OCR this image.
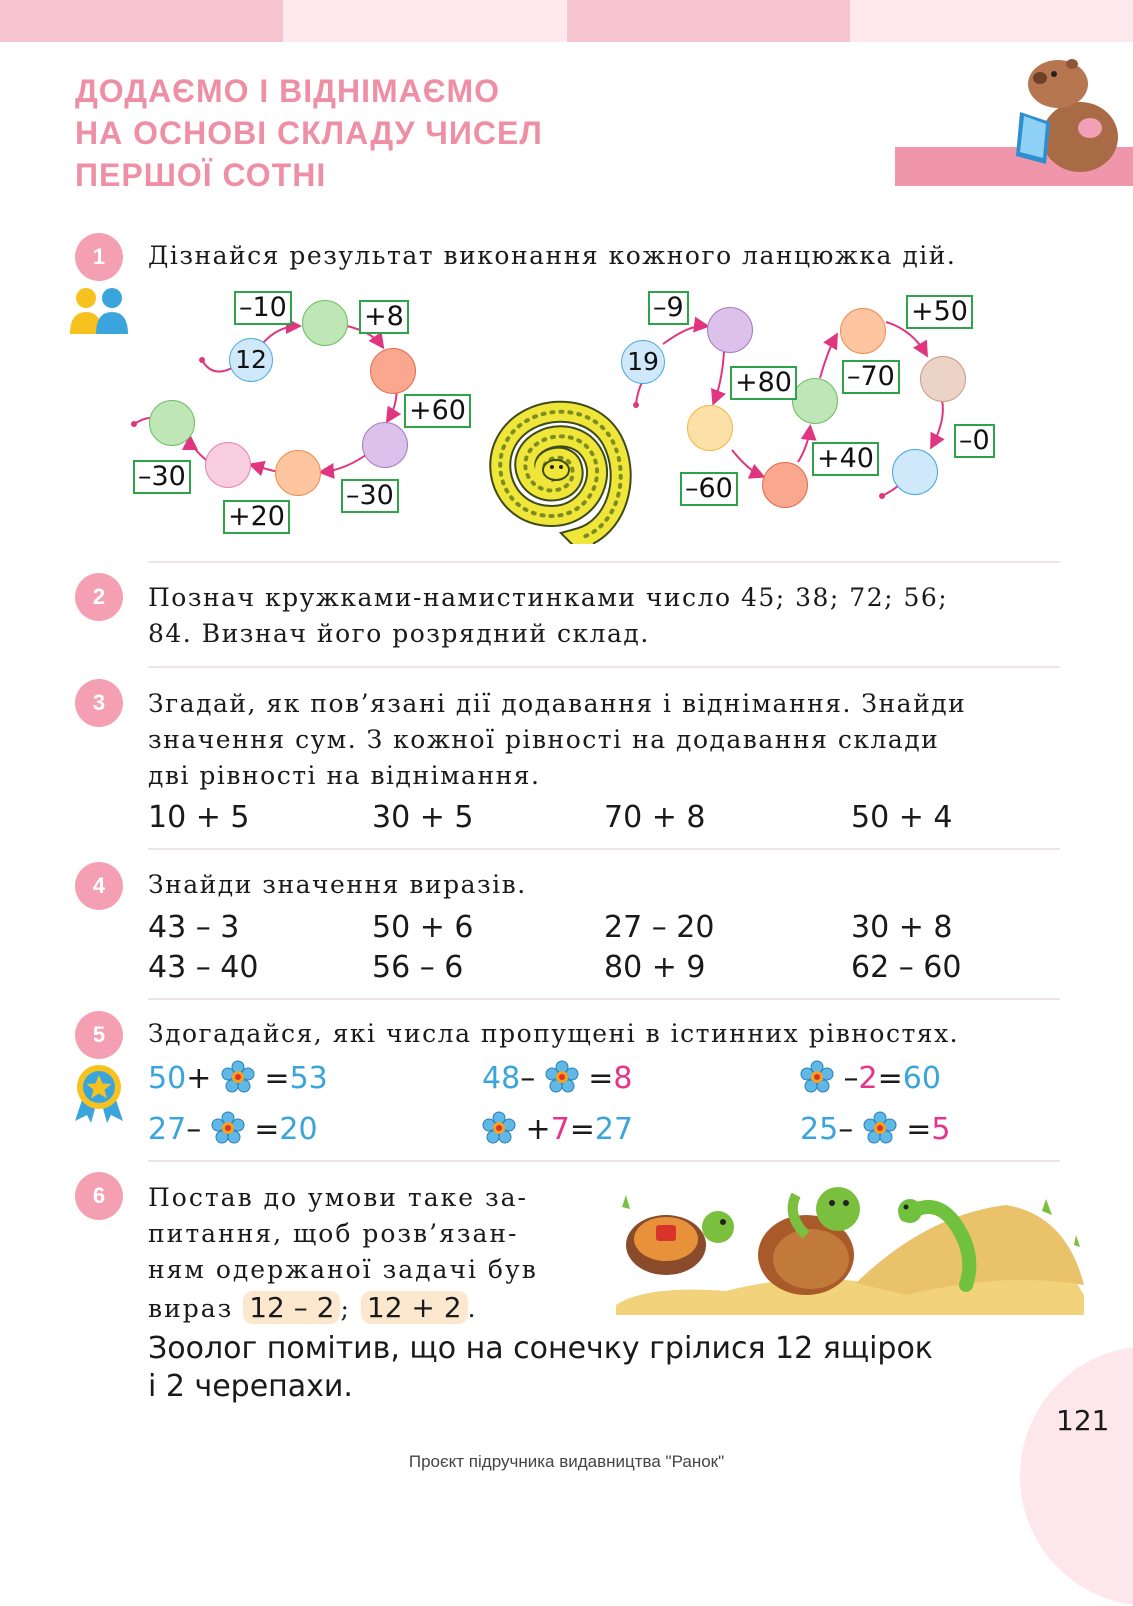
ДОДАЄМО І ВІДНІМАЄМО
НА ОСНОВІ СКЛАДУ ЧИСЕЛ
ПЕРШОЇ СОТНІ
1	Дізнайся результат виконання кожного ланцюжка дій.
12
–10	+8
+60
–30
+20
–30
19
–9
+80
–60
+40
–70
+50
–0
2	Познач кружками-намистинками число 45; 38; 72; 56;
84. Визнач його розрядний склад.
3	Згадай, як пов’язані дії додавання і віднімання. Знайди
значення сум. З кожної рівності на додавання склади
дві рівності на віднімання.
10 + 5	30 + 5	70 + 8	50 + 4
4	Знайди значення виразів.
43 – 3	50 + 6	27 – 20	30 + 8
43 – 40	56 – 6	80 + 9	62 – 60
5	Здогадайся, які числа пропущені в істинних рівностях.
50+ =53	48– =8	–2=60
27– =20	+7=27	25– =5
6	Постав до умови таке за-
питання, щоб розв’язан-
ням одержаної задачі був
вираз 12 – 2 ; 12 + 2 .
Зоолог помітив, що на сонечку грілися 12 ящірок
і 2 черепахи.
121
Проєкт підручника видавництва "Ранок"
